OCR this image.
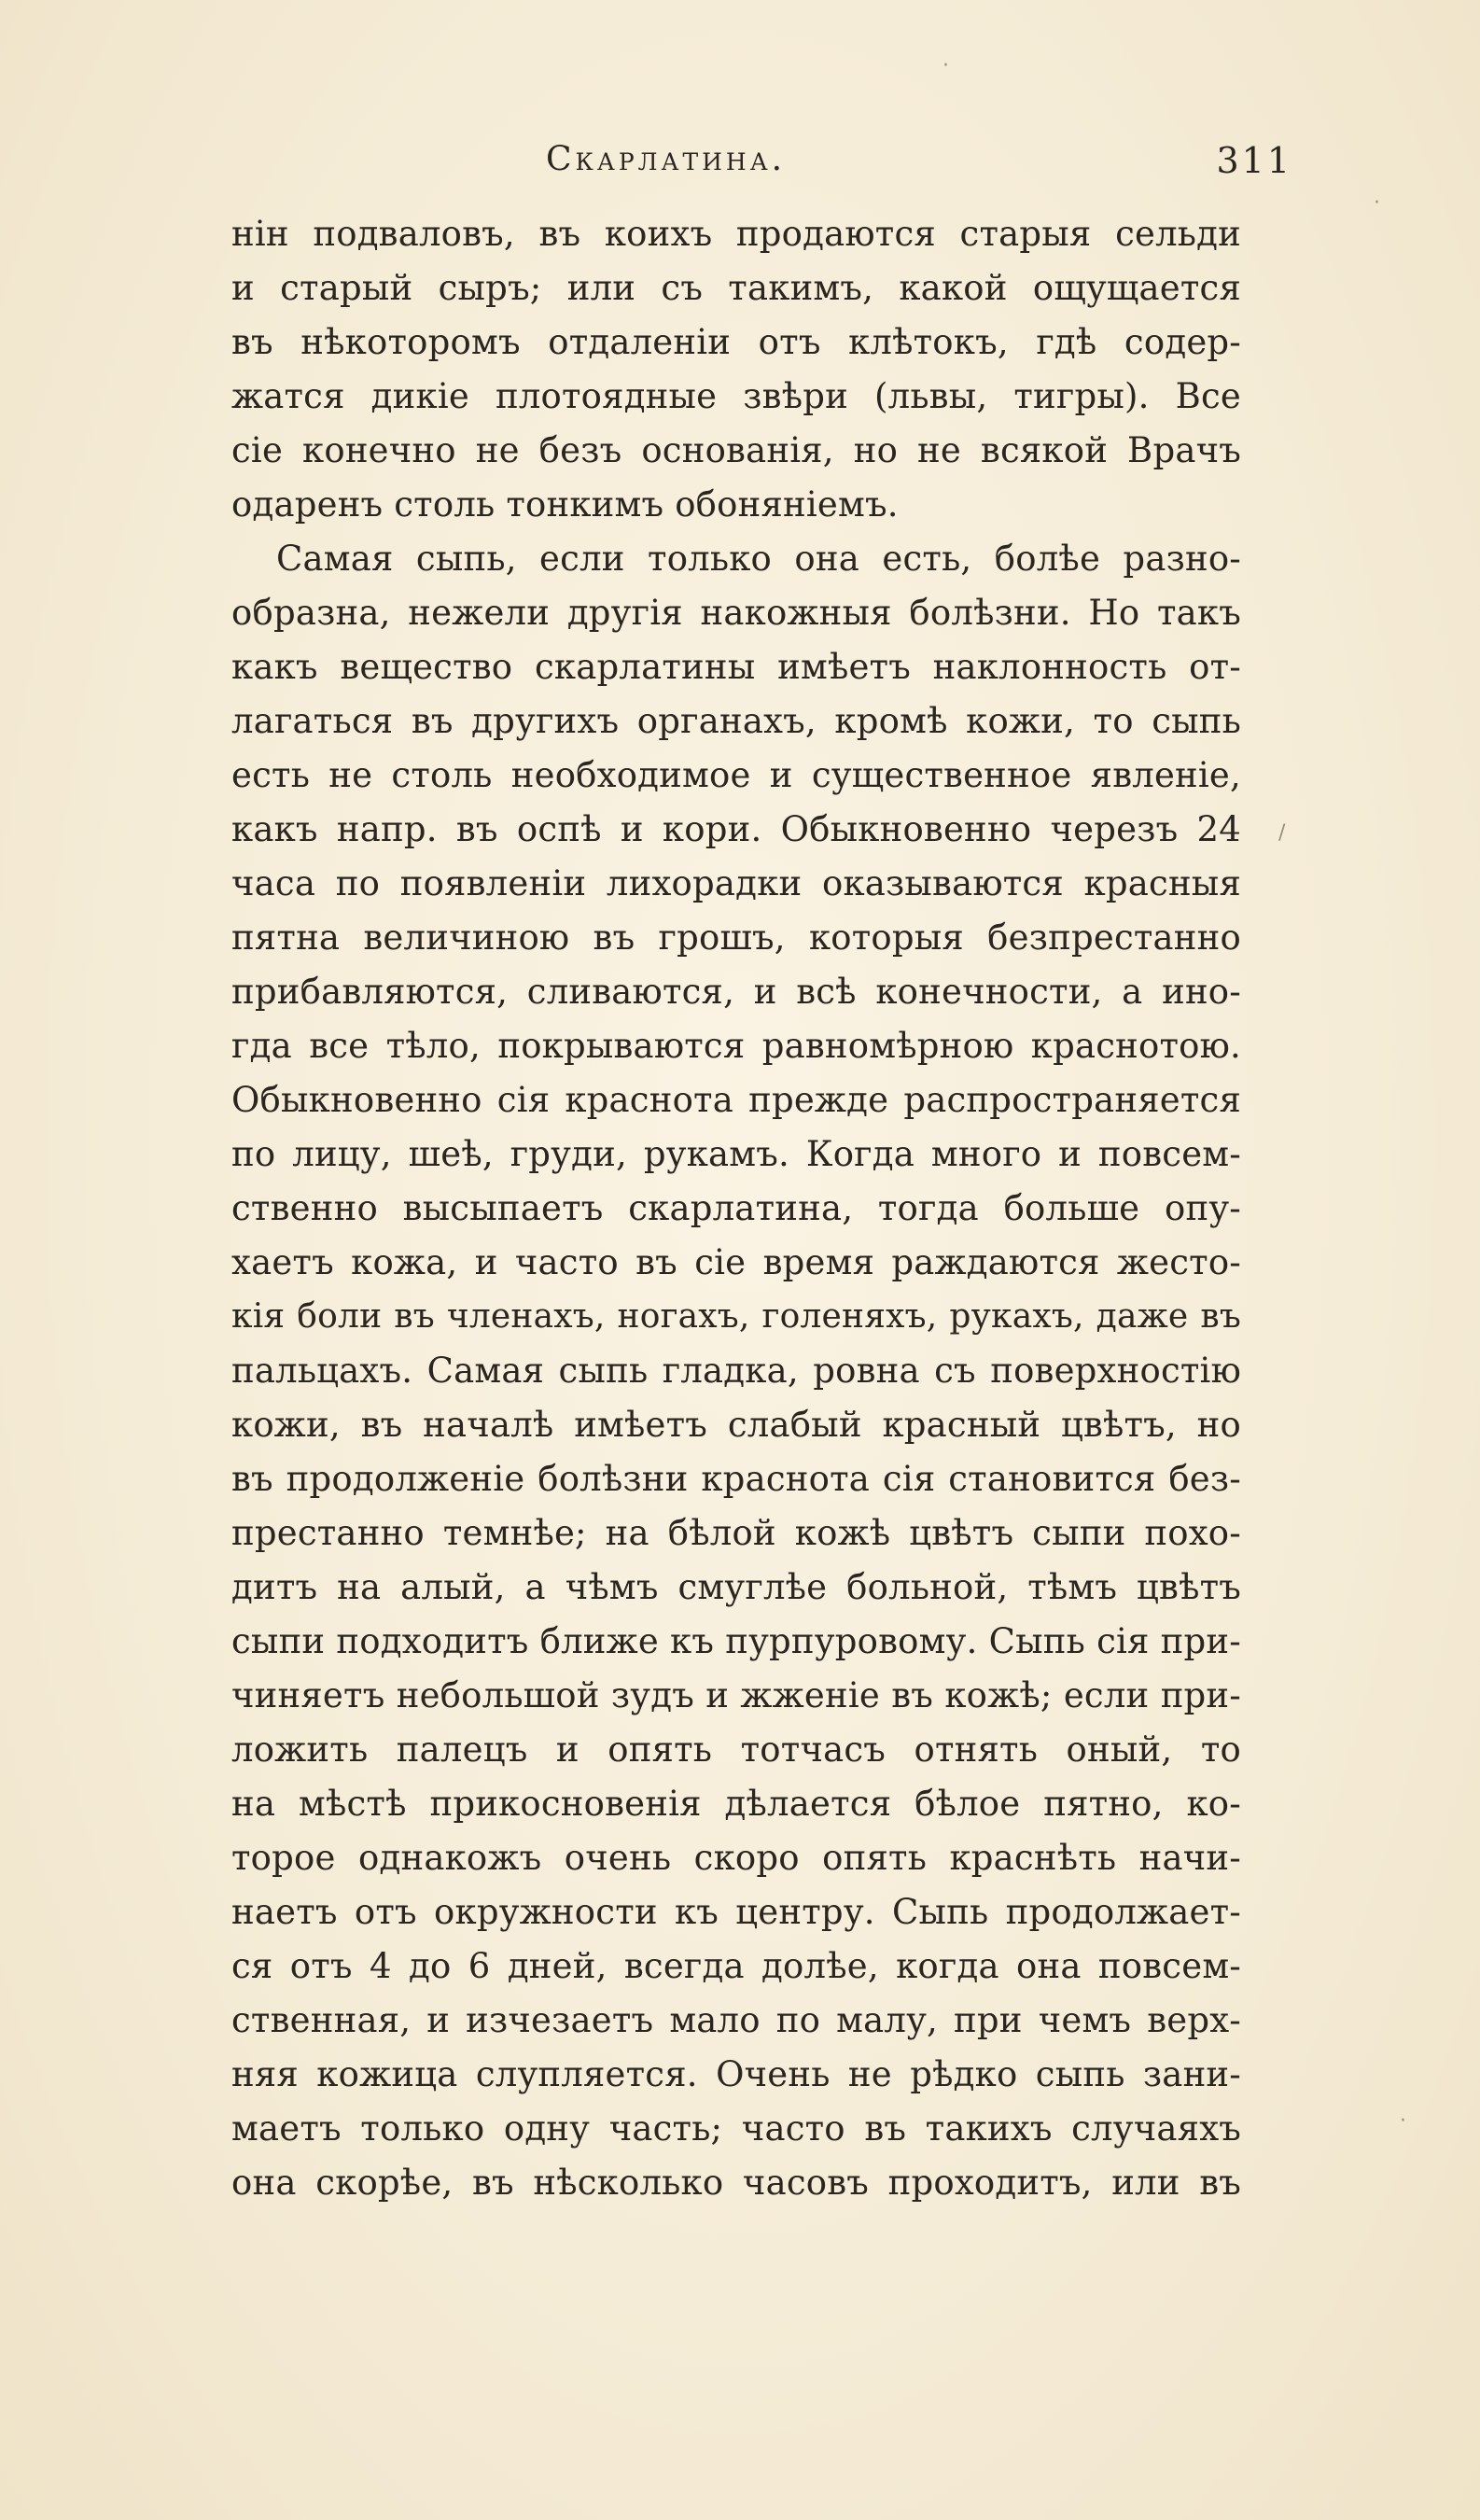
Скарлатина.	311
нін подваловъ, въ коихъ продаются старыя сельди
и старый сыръ; или съ такимъ, какой ощущается
въ нѣкоторомъ отдаленіи отъ клѣтокъ, гдѣ содер-
жатся дикіе плотоядные звѣри (львы, тигры). Все
сіе конечно не безъ основанія, но не всякой Врачъ
одаренъ столь тонкимъ обоняніемъ.
Самая сыпь, если только она есть, болѣе разно-
образна, нежели другія накожныя болѣзни. Но такъ
какъ вещество скарлатины имѣетъ наклонность от-
лагаться въ другихъ органахъ, кромѣ кожи, то сыпь
есть не столь необходимое и существенное явленіе,
какъ напр. въ оспѣ и кори. Обыкновенно черезъ 24
часа по появленіи лихорадки оказываются красныя
пятна величиною въ грошъ, которыя безпрестанно
прибавляются, сливаются, и всѣ конечности, а ино-
гда все тѣло, покрываются равномѣрною краснотою.
Обыкновенно сія краснота прежде распространяется
по лицу, шеѣ, груди, рукамъ. Когда много и повсем-
ственно высыпаетъ скарлатина, тогда больше опу-
хаетъ кожа, и часто въ сіе время раждаются жесто-
кія боли въ членахъ, ногахъ, голеняхъ, рукахъ, даже въ
пальцахъ. Самая сыпь гладка, ровна съ поверхностію
кожи, въ началѣ имѣетъ слабый красный цвѣтъ, но
въ продолженіе болѣзни краснота сія становится без-
престанно темнѣе; на бѣлой кожѣ цвѣтъ сыпи похо-
дитъ на алый, а чѣмъ смуглѣе больной, тѣмъ цвѣтъ
сыпи подходитъ ближе къ пурпуровому. Сыпь сія при-
чиняетъ небольшой зудъ и жженіе въ кожѣ; если при-
ложить палецъ и опять тотчасъ отнять оный, то
на мѣстѣ прикосновенія дѣлается бѣлое пятно, ко-
торое однакожъ очень скоро опять краснѣть начи-
наетъ отъ окружности къ центру. Сыпь продолжает-
ся отъ 4 до 6 дней, всегда долѣе, когда она повсем-
ственная, и изчезаетъ мало по малу, при чемъ верх-
няя кожица слупляется. Очень не рѣдко сыпь зани-
маетъ только одну часть; часто въ такихъ случаяхъ
она скорѣе, въ нѣсколько часовъ проходитъ, или въ
·
·
·
/
